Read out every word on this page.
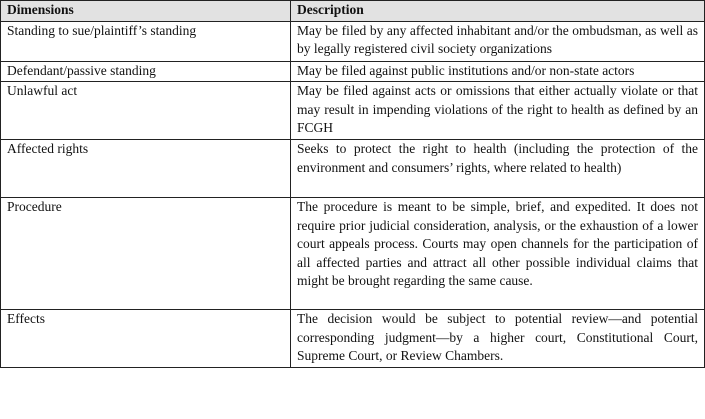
Dimensions	Description
Standing to sue/plaintiff’s standing	May be filed by any affected inhabitant and/or the ombudsman, as well as by legally registered civil society organizations
Defendant/passive standing	May be filed against public institutions and/or non-state actors
Unlawful act	May be filed against acts or omissions that either actually violate or that may result in impending violations of the right to health as defined by an FCGH
Affected rights	Seeks to protect the right to health (including the protection of the environment and consumers’ rights, where related to health)
Procedure	The procedure is meant to be simple, brief, and expedited. It does not require prior judicial consideration, analysis, or the exhaustion of a lower court appeals process. Courts may open channels for the participation of all affected parties and attract all other possible individual claims that might be brought regarding the same cause.
Effects	The decision would be subject to potential review—and potential corresponding judgment—by a higher court, Constitutional Court, Supreme Court, or Review Chambers.
